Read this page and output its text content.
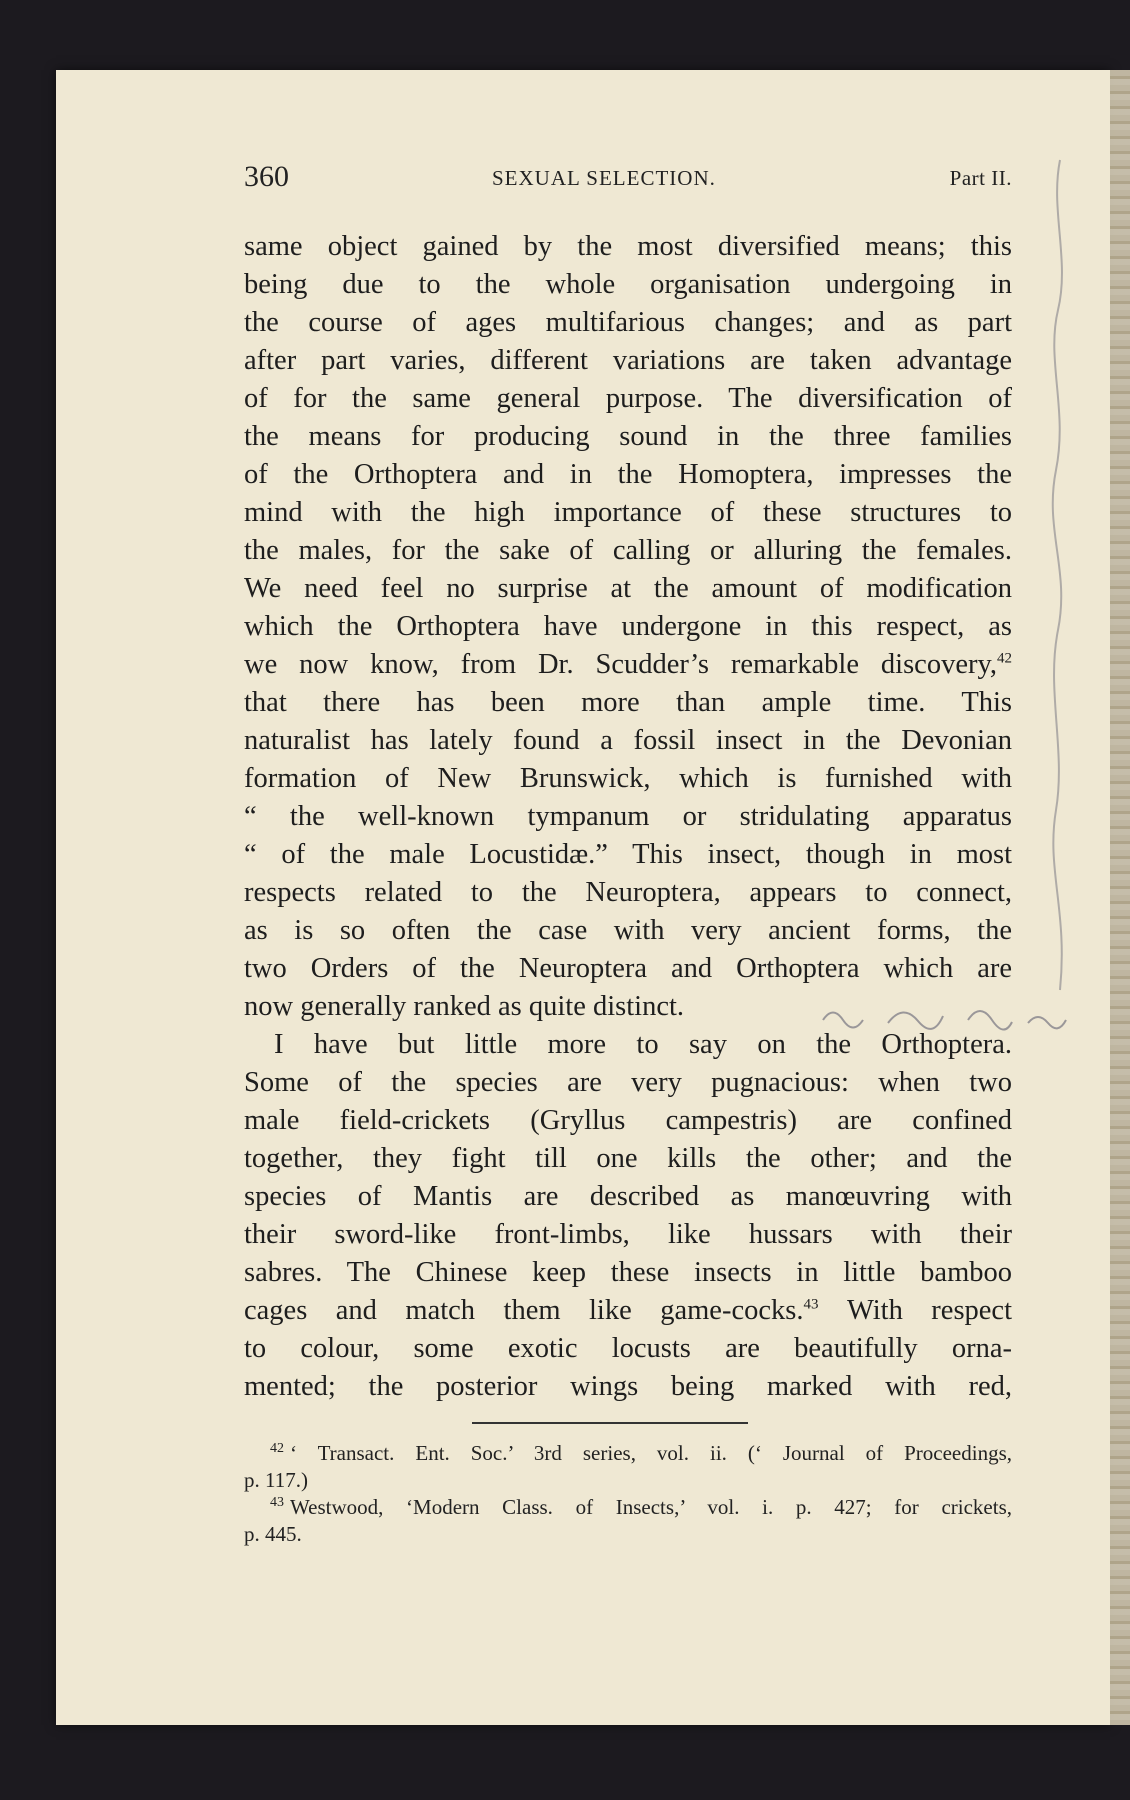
360	SEXUAL SELECTION.	Part II.
same object gained by the most diversified means; this
being due to the whole organisation undergoing in
the course of ages multifarious changes; and as part
after part varies, different variations are taken advantage
of for the same general purpose. The diversification of
the means for producing sound in the three families
of the Orthoptera and in the Homoptera, impresses the
mind with the high importance of these structures to
the males, for the sake of calling or alluring the females.
We need feel no surprise at the amount of modification
which the Orthoptera have undergone in this respect, as
we now know, from Dr. Scudder’s remarkable discovery,$^{42}$
that there has been more than ample time. This
naturalist has lately found a fossil insect in the Devonian
formation of New Brunswick, which is furnished with
“ the well-known tympanum or stridulating apparatus
“ of the male Locustidæ.” This insect, though in most
respects related to the Neuroptera, appears to connect,
as is so often the case with very ancient forms, the
two Orders of the Neuroptera and Orthoptera which are
now generally ranked as quite distinct.
I have but little more to say on the Orthoptera.
Some of the species are very pugnacious: when two
male field-crickets (Gryllus campestris) are confined
together, they fight till one kills the other; and the
species of Mantis are described as manœuvring with
their sword-like front-limbs, like hussars with their
sabres. The Chinese keep these insects in little bamboo
cages and match them like game-cocks.$^{43}$ With respect
to colour, some exotic locusts are beautifully orna-
mented; the posterior wings being marked with red,
$^{42}$ ‘ Transact. Ent. Soc.’ 3rd series, vol. ii. (‘ Journal of Proceedings,
p. 117.)
$^{43}$ Westwood, ‘Modern Class. of Insects,’ vol. i. p. 427; for crickets,
p. 445.
